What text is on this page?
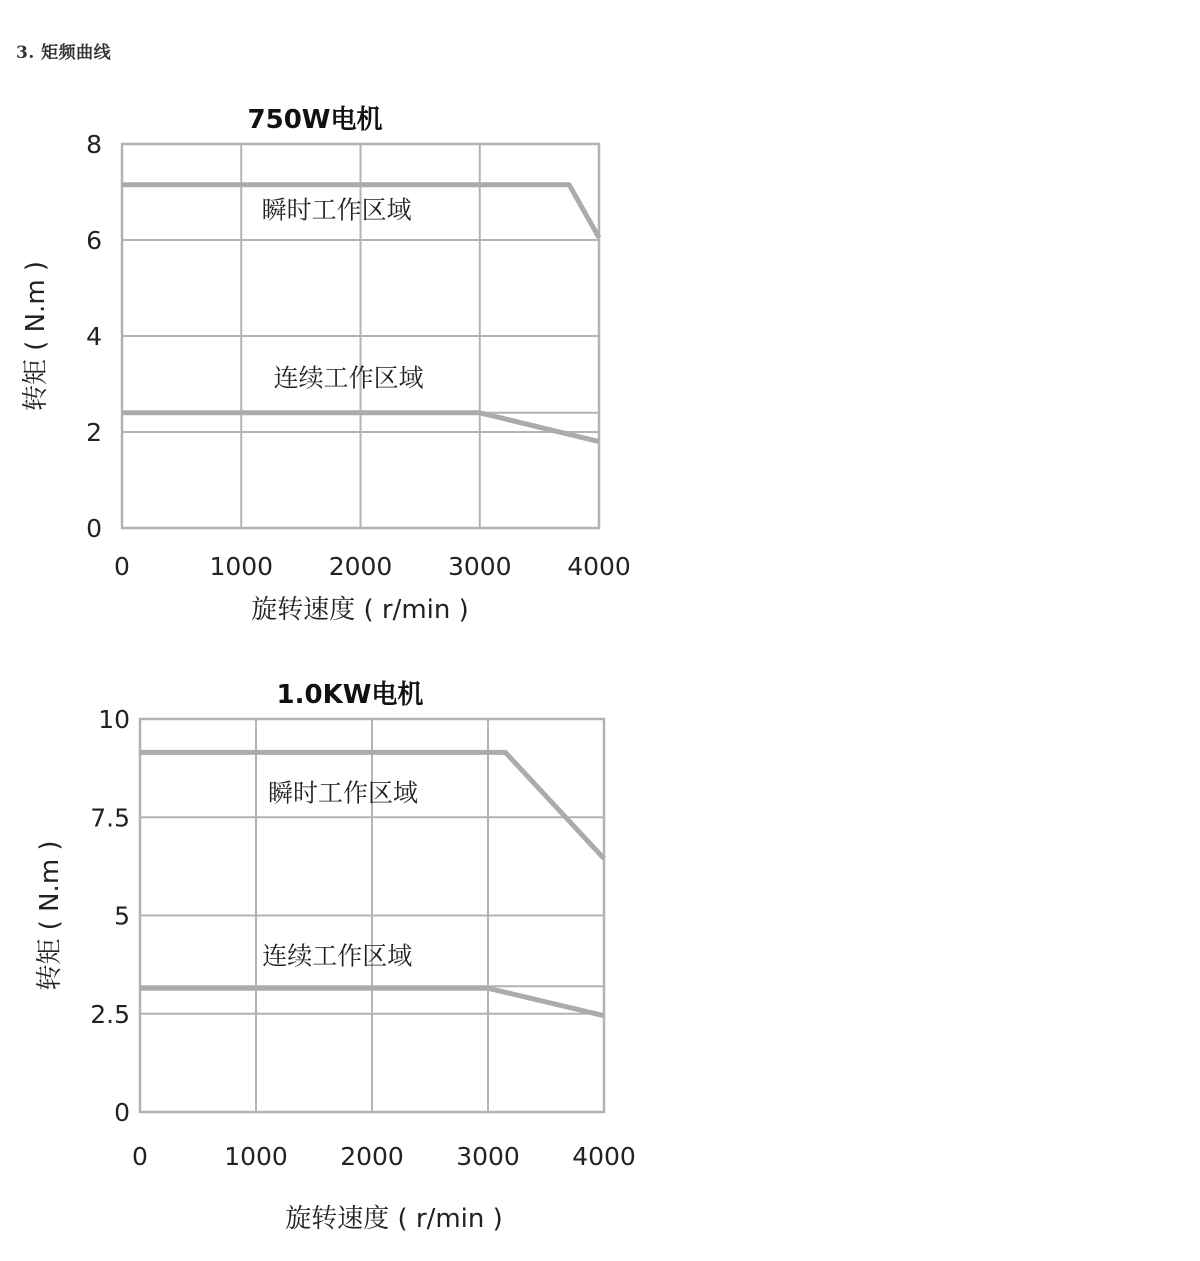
3. 矩频曲线
750W电机
瞬时工作区域
连续工作区域
0
2
4
6
8
0	1000 2000 3000 4000
旋转速度 ( r/min )
转矩 ( N.m )
1.0KW电机
瞬时工作区域
连续工作区域
0
2.5
5
7.5
10
0	1000 2000 3000 4000
旋转速度 ( r/min )
转矩 ( N.m )
